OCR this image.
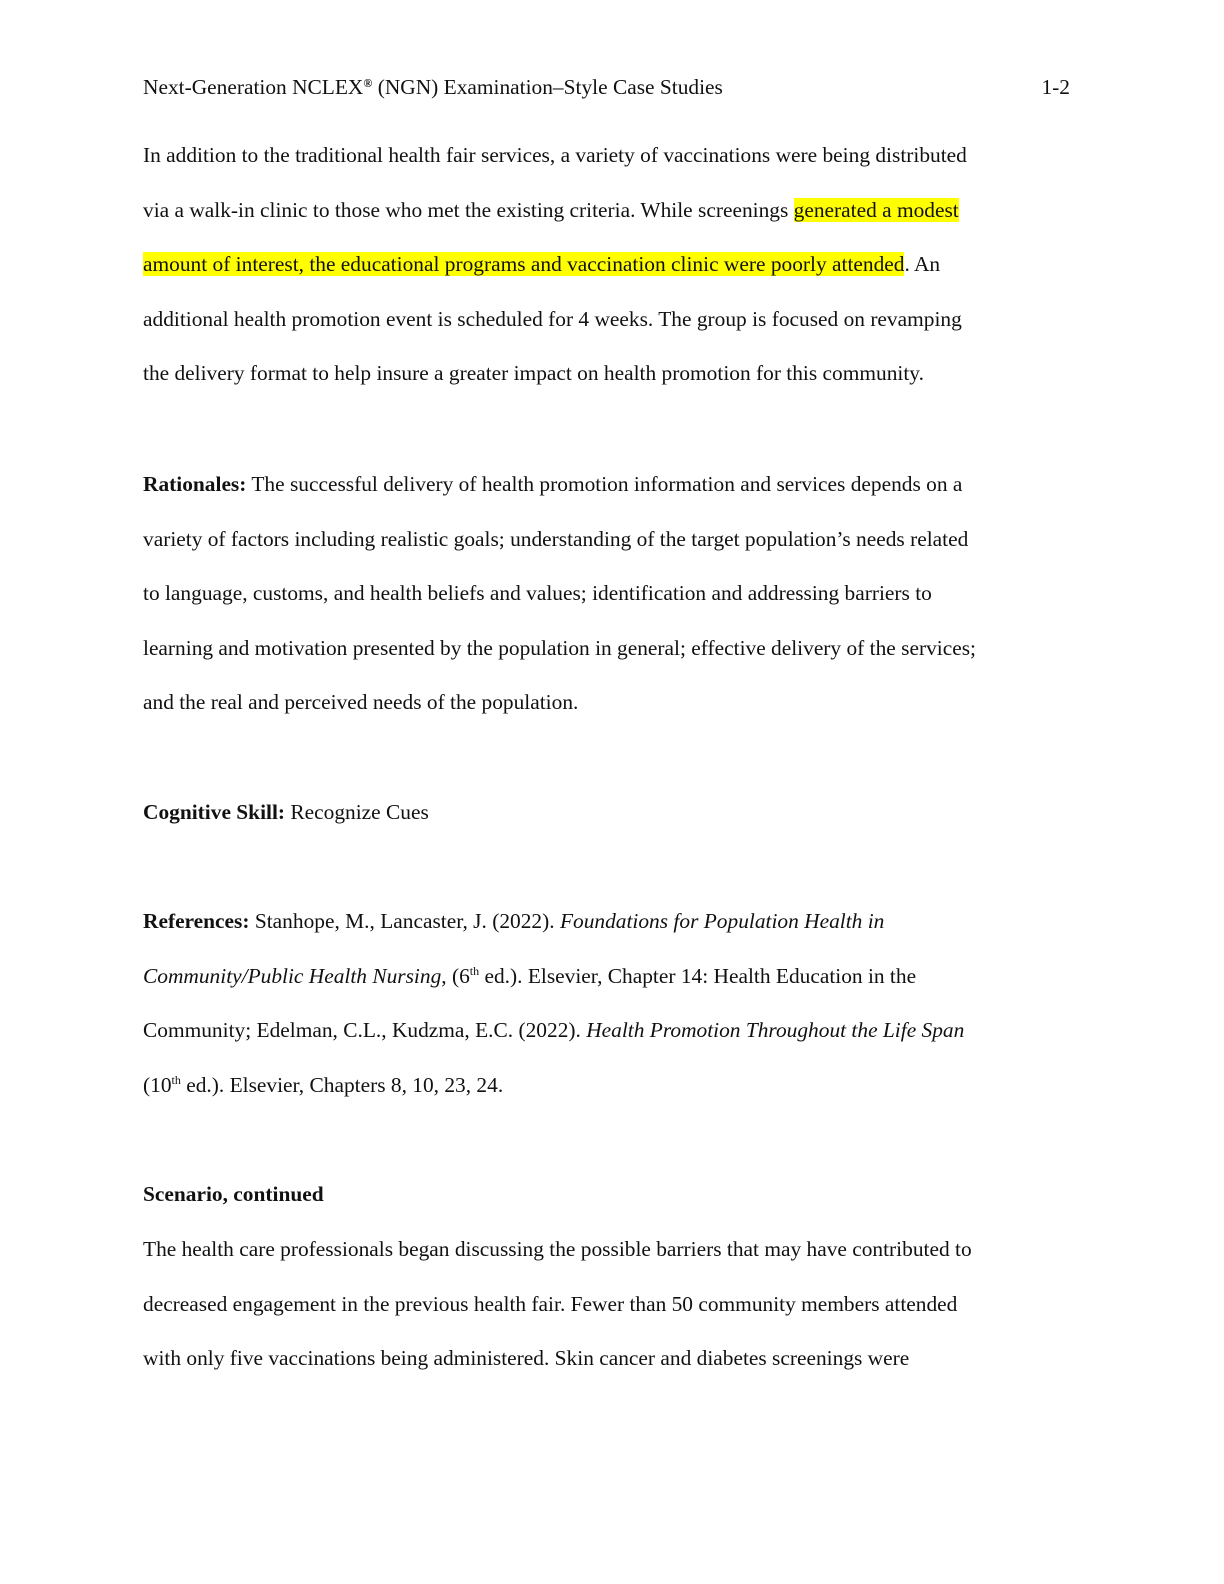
Next-Generation NCLEX® (NGN) Examination–Style Case Studies	1-2

In addition to the traditional health fair services, a variety of vaccinations were being distributed
via a walk-in clinic to those who met the existing criteria. While screenings generated a modest
amount of interest, the educational programs and vaccination clinic were poorly attended. An
additional health promotion event is scheduled for 4 weeks. The group is focused on revamping
the delivery format to help insure a greater impact on health promotion for this community.

Rationales: The successful delivery of health promotion information and services depends on a
variety of factors including realistic goals; understanding of the target population’s needs related
to language, customs, and health beliefs and values; identification and addressing barriers to
learning and motivation presented by the population in general; effective delivery of the services;
and the real and perceived needs of the population.

Cognitive Skill: Recognize Cues

References: Stanhope, M., Lancaster, J. (2022). Foundations for Population Health in
Community/Public Health Nursing, (6th ed.). Elsevier, Chapter 14: Health Education in the
Community; Edelman, C.L., Kudzma, E.C. (2022). Health Promotion Throughout the Life Span
(10th ed.). Elsevier, Chapters 8, 10, 23, 24.

Scenario, continued

The health care professionals began discussing the possible barriers that may have contributed to
decreased engagement in the previous health fair. Fewer than 50 community members attended
with only five vaccinations being administered. Skin cancer and diabetes screenings were
